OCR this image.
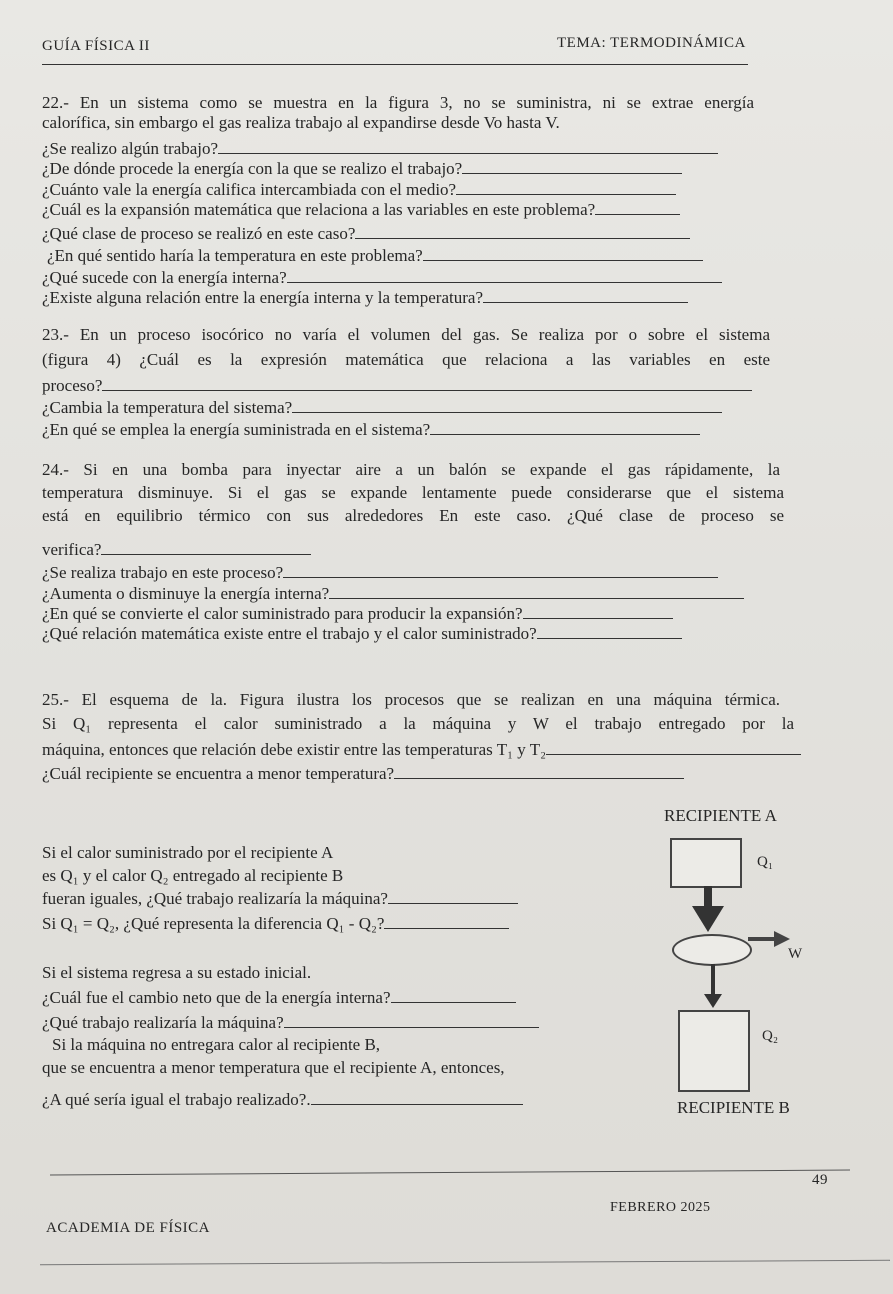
GUÍA FÍSICA II	TEMA: TERMODINÁMICA
22.- En un sistema como se muestra en la figura 3, no se suministra, ni se extrae energía
calorífica, sin embargo el gas realiza trabajo al expandirse desde Vo hasta V.
¿Se realizo algún trabajo?
¿De dónde procede la energía con la que se realizo el trabajo?
¿Cuánto vale la energía califica intercambiada con el medio?
¿Cuál es la expansión matemática que relaciona a las variables en este problema?
¿Qué clase de proceso se realizó en este caso?
¿En qué sentido haría la temperatura en este problema?
¿Qué sucede con la energía interna?
¿Existe alguna relación entre la energía interna y la temperatura?
23.- En un proceso isocórico no varía el volumen del gas. Se realiza por o sobre el sistema
(figura 4) ¿Cuál es la expresión matemática que relaciona a las variables en este
proceso?
¿Cambia la temperatura del sistema?
¿En qué se emplea la energía suministrada en el sistema?
24.- Si en una bomba para inyectar aire a un balón se expande el gas rápidamente, la
temperatura disminuye. Si el gas se expande lentamente puede considerarse que el sistema
está en equilibrio térmico con sus alrededores En este caso. ¿Qué clase de proceso se
verifica?
¿Se realiza trabajo en este proceso?
¿Aumenta o disminuye la energía interna?
¿En qué se convierte el calor suministrado para producir la expansión?
¿Qué relación matemática existe entre el trabajo y el calor suministrado?
25.- El esquema de la. Figura ilustra los procesos que se realizan en una máquina térmica.
Si Q₁ representa el calor suministrado a la máquina y W el trabajo entregado por la
máquina, entonces que relación debe existir entre las temperaturas T₁ y T₂
¿Cuál recipiente se encuentra a menor temperatura?
Si el calor suministrado por el recipiente A
es Q₁ y el calor Q₂ entregado al recipiente B
fueran iguales, ¿Qué trabajo realizaría la máquina?
Si Q₁ = Q₂, ¿Qué representa la diferencia Q₁ - Q₂?
Si el sistema regresa a su estado inicial.
¿Cuál fue el cambio neto que de la energía interna?
¿Qué trabajo realizaría la máquina?
Si la máquina no entregara calor al recipiente B,
que se encuentra a menor temperatura que el recipiente A, entonces,
¿A qué sería igual el trabajo realizado?.
RECIPIENTE A
Q₁
W
Q₂
RECIPIENTE B
49
FEBRERO 2025
ACADEMIA DE FÍSICA
